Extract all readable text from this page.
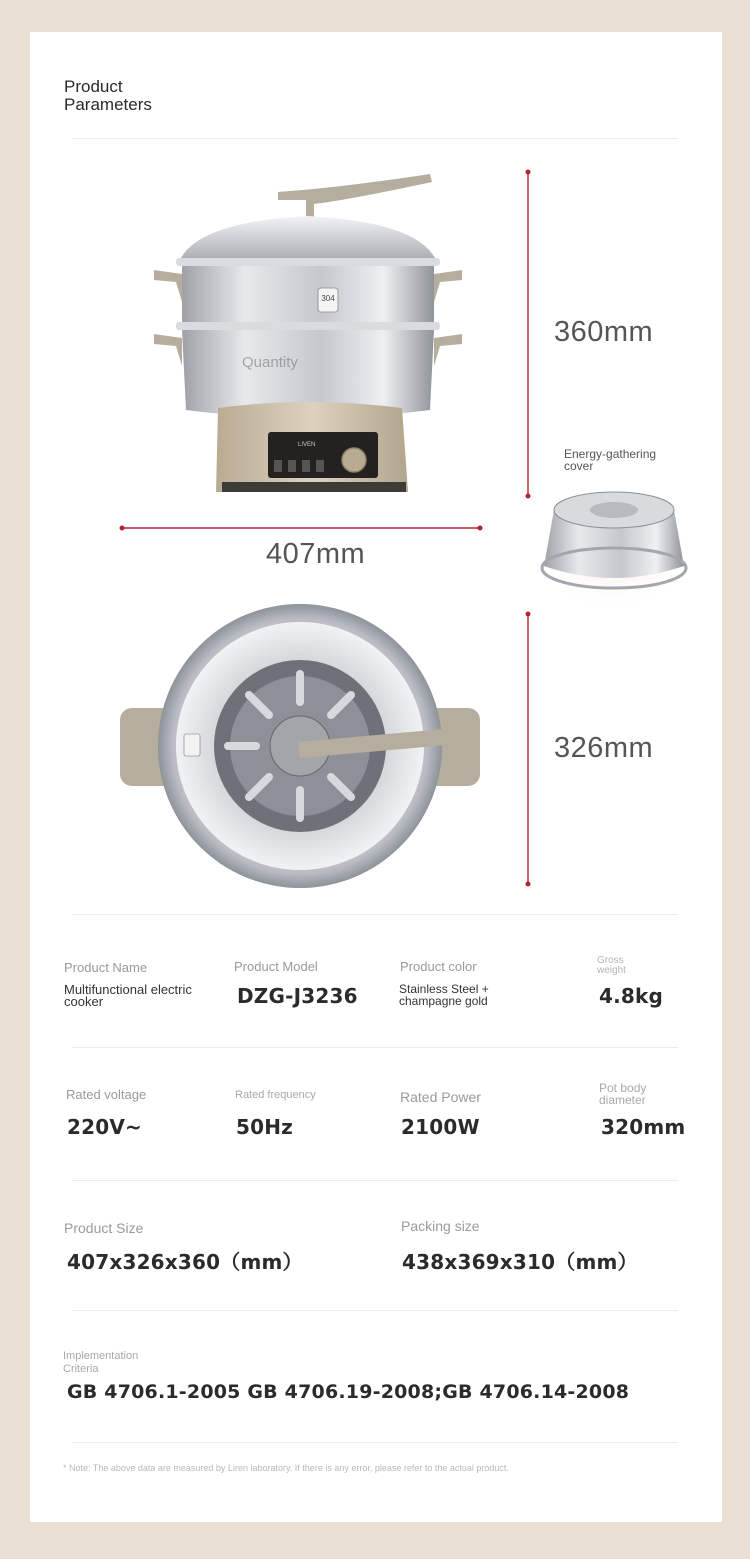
Product Parameters
304
LIVEN
Quantity
360mm
407mm
Energy-gathering cover
326mm
Product Name
Multifunctional electric cooker
Product Model
DZG-J3236
Product color
Stainless Steel + champagne gold
Gross weight
4.8kg
Rated voltage
220V~
Rated frequency
50Hz
Rated Power
2100W
Pot body diameter
320mm
Product Size
407x326x360（mm）
Packing size
438x369x310（mm）
Implementation Criteria
GB 4706.1-2005 GB 4706.19-2008;GB 4706.14-2008
* Note: The above data are measured by Liren laboratory. If there is any error, please refer to the actual product.
